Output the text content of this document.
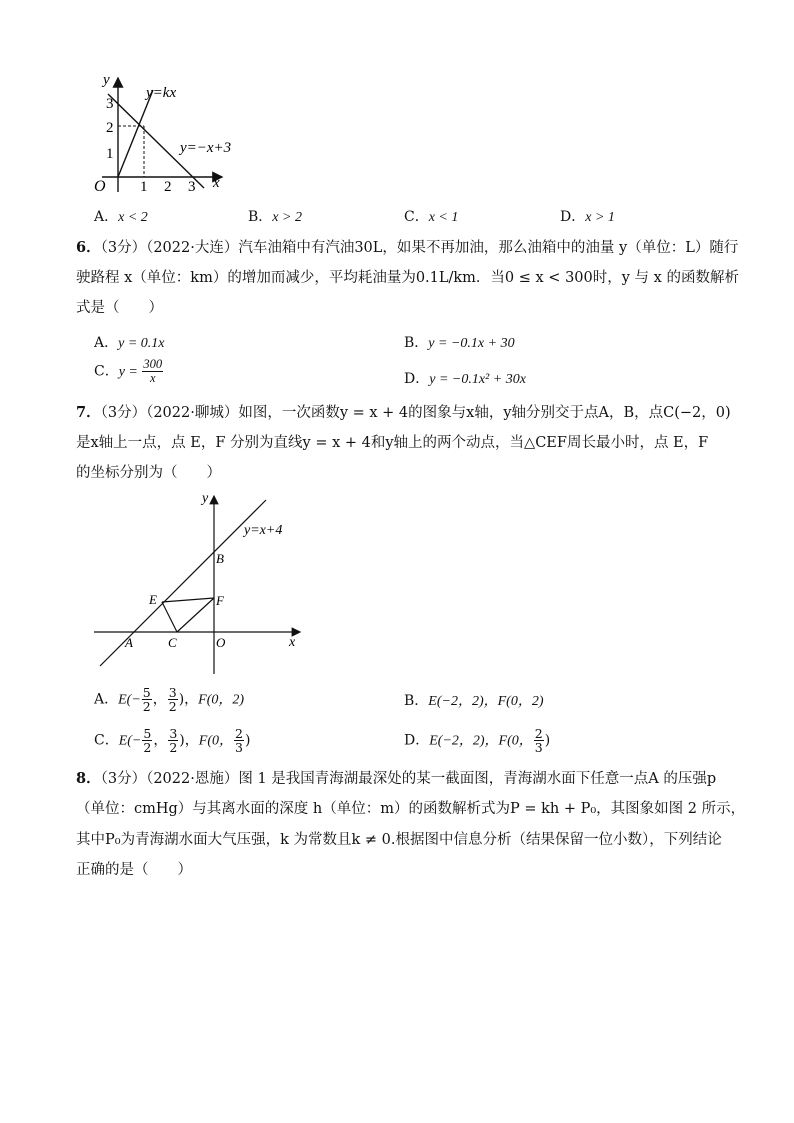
y
x
O
1
2
3
1 2 3
y=kx
y=−x+3
A．x < 2	B．x > 2	C．x < 1	D．x > 1
6．（3分）（2022·大连）汽车油箱中有汽油30L，如果不再加油，那么油箱中的油量 y（单位：L）随行
驶路程 x（单位：km）的增加而减少，平均耗油量为0.1L/km．当0 ≤ x < 300时，y 与 x 的函数解析
式是（　　）
A．y = 0.1x	B．y = −0.1x + 30
C．$y = \frac{300}{x}$	D．y = −0.1x² + 30x
7．（3分）（2022·聊城）如图，一次函数y = x + 4的图象与x轴，y轴分别交于点A，B，点C(−2，0)
是x轴上一点，点 E，F 分别为直线y = x + 4和y轴上的两个动点，当△CEF周长最小时，点 E，F
的坐标分别为（　　）
y
x
y=x+4
B
E	F
A	C	O
A．$E(- \frac{5}{2}$ ， $\frac{3}{2}$ )，F(0，2)	B．E(−2，2)，F(0，2)
C．$E(- \frac{5}{2}$ ， $\frac{3}{2}$ )，F(0， $\frac{2}{3}$ )	D．E(−2，2)，F(0， $\frac{2}{3}$ )
8．（3分）（2022·恩施）图 1 是我国青海湖最深处的某一截面图，青海湖水面下任意一点A 的压强p
（单位：cmHg）与其离水面的深度 h（单位：m）的函数解析式为P = kh + P₀，其图象如图 2 所示，
其中P₀为青海湖水面大气压强，k 为常数且k ≠ 0.根据图中信息分析（结果保留一位小数），下列结论
正确的是（　　）
